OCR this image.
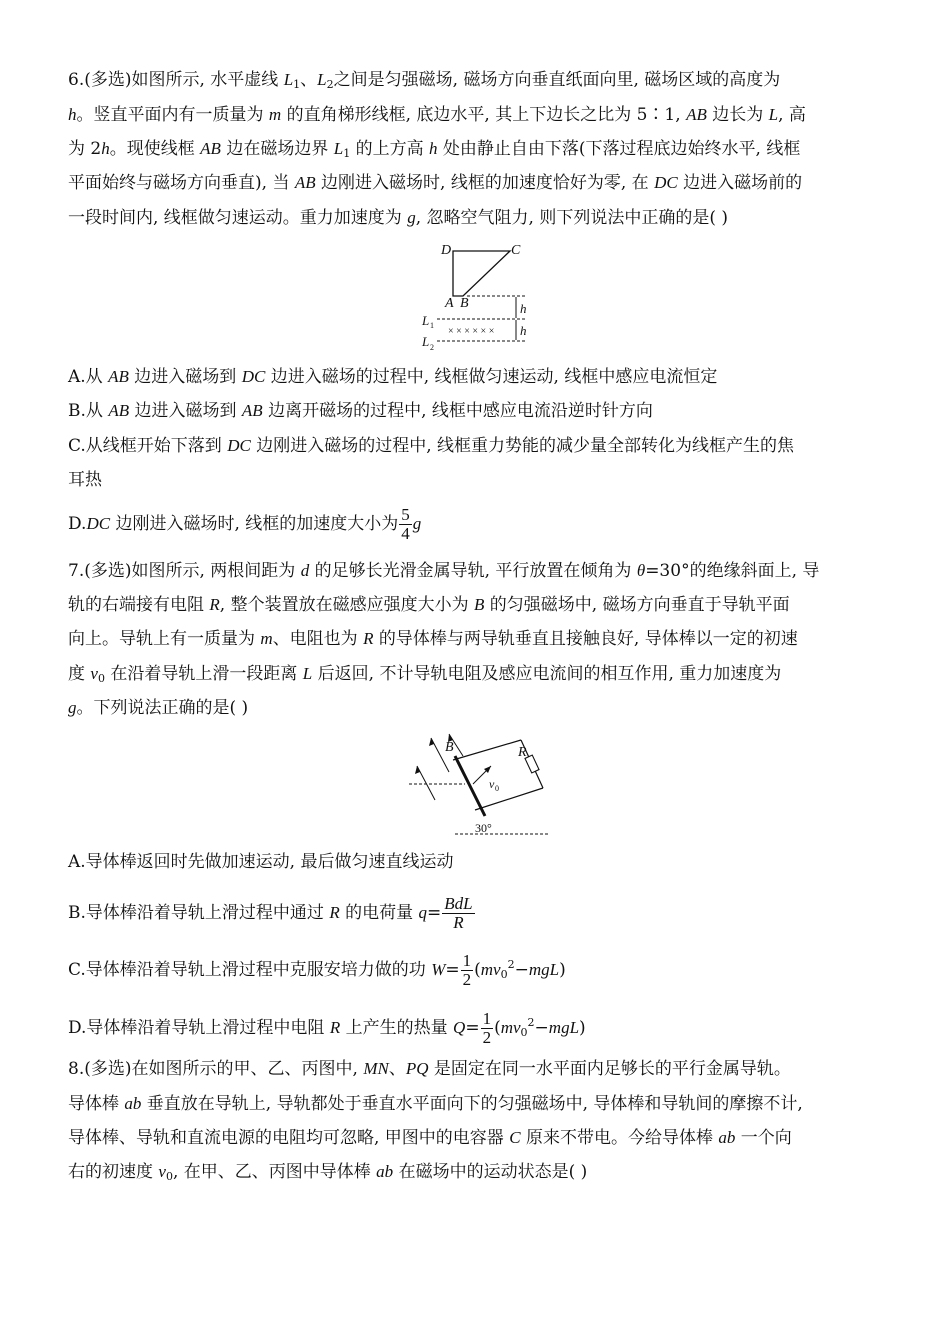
6.(多选)如图所示, 水平虚线 $L_1$、$L_2$之间是匀强磁场, 磁场方向垂直纸面向里, 磁场区域的高度为
h。竖直平面内有一质量为 m 的直角梯形线框, 底边水平, 其上下边长之比为 5∶1, AB 边长为 L, 高
为 2h。现使线框 AB 边在磁场边界 $L_1$ 的上方高 h 处由静止自由下落(下落过程底边始终水平, 线框
平面始终与磁场方向垂直), 当 AB 边刚进入磁场时, 线框的加速度恰好为零, 在 DC 边进入磁场前的
一段时间内, 线框做匀速运动。重力加速度为 g, 忽略空气阻力, 则下列说法中正确的是( )
D	C
A B
× × × × × ×
h
h
L 1
L 2
A.从 AB 边进入磁场到 DC 边进入磁场的过程中, 线框做匀速运动, 线框中感应电流恒定
B.从 AB 边进入磁场到 AB 边离开磁场的过程中, 线框中感应电流沿逆时针方向
C.从线框开始下落到 DC 边刚进入磁场的过程中, 线框重力势能的减少量全部转化为线框产生的焦
耳热
D.DC 边刚进入磁场时, 线框的加速度大小为 $\frac{5}{4}$ g
7.(多选)如图所示, 两根间距为 d 的足够长光滑金属导轨, 平行放置在倾角为 θ=30°的绝缘斜面上, 导
轨的右端接有电阻 R, 整个装置放在磁感应强度大小为 B 的匀强磁场中, 磁场方向垂直于导轨平面
向上。导轨上有一质量为 m、电阻也为 R 的导体棒与两导轨垂直且接触良好, 导体棒以一定的初速
度 $v_0$ 在沿着导轨上滑一段距离 L 后返回, 不计导轨电阻及感应电流间的相互作用, 重力加速度为
g。下列说法正确的是( )
B	R
v 0
30°
A.导体棒返回时先做加速运动, 最后做匀速直线运动
B.导体棒沿着导轨上滑过程中通过 R 的电荷量 $q= \frac{\text{BdL}}{R}$
C.导体棒沿着导轨上滑过程中克服安培力做的功 $W= \frac{1}{2} (mv_0^2-mgL)$
D.导体棒沿着导轨上滑过程中电阻 R 上产生的热量 $Q= \frac{1}{2} (mv_0^2-mgL)$
8.(多选)在如图所示的甲、乙、丙图中, MN、PQ 是固定在同一水平面内足够长的平行金属导轨。
导体棒 ab 垂直放在导轨上, 导轨都处于垂直水平面向下的匀强磁场中, 导体棒和导轨间的摩擦不计,
导体棒、导轨和直流电源的电阻均可忽略, 甲图中的电容器 C 原来不带电。今给导体棒 ab 一个向
右的初速度 $v_0$, 在甲、乙、丙图中导体棒 ab 在磁场中的运动状态是( )
